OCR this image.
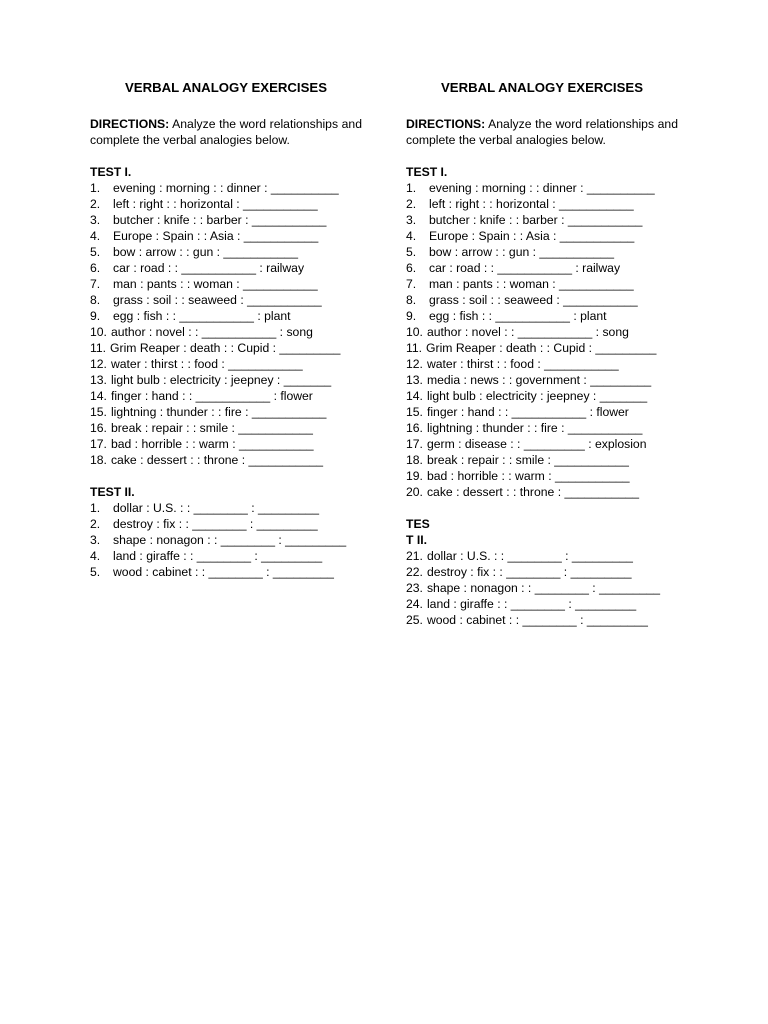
VERBAL ANALOGY EXERCISES

DIRECTIONS: Analyze the word relationships and complete the verbal analogies below.

TEST I.
1.	evening : morning : : dinner : __________
2.	left : right : : horizontal : ___________
3.	butcher : knife : : barber : ___________
4.	Europe : Spain : : Asia : ___________
5.	bow : arrow : : gun : ___________
6.	car : road : : ___________ : railway
7.	man : pants : : woman : ___________
8.	grass : soil : : seaweed : ___________
9.	egg : fish : : ___________ : plant
10. author : novel : : ___________ : song
11. Grim Reaper : death : : Cupid : _________
12. water : thirst : : food : ___________
13. light bulb : electricity : jeepney : _______
14. finger : hand : : ___________ : flower
15. lightning : thunder : : fire : ___________
16. break : repair : : smile : ___________
17. bad : horrible : : warm : ___________
18. cake : dessert : : throne : ___________
TEST II.
1.	dollar : U.S. : : ________ : _________
2.	destroy : fix : : ________ : _________
3.	shape : nonagon : : ________ : _________
4.	land : giraffe : : ________ : _________
5.	wood : cabinet : : ________ : _________
VERBAL ANALOGY EXERCISES

DIRECTIONS: Analyze the word relationships and complete the verbal analogies below.

TEST I.
1.	evening : morning : : dinner : __________
2.	left : right : : horizontal : ___________
3.	butcher : knife : : barber : ___________
4.	Europe : Spain : : Asia : ___________
5.	bow : arrow : : gun : ___________
6.	car : road : : ___________ : railway
7.	man : pants : : woman : ___________
8.	grass : soil : : seaweed : ___________
9.	egg : fish : : ___________ : plant
10. author : novel : : ___________ : song
11. Grim Reaper : death : : Cupid : _________
12. water : thirst : : food : ___________
13. media : news : : government : _________
14. light bulb : electricity : jeepney : _______
15. finger : hand : : ___________ : flower
16. lightning : thunder : : fire : ___________
17. germ : disease : : _________ : explosion
18. break : repair : : smile : ___________
19. bad : horrible : : warm : ___________
20. cake : dessert : : throne : ___________
TES
T II.
21. dollar : U.S. : : ________ : _________
22. destroy : fix : : ________ : _________
23. shape : nonagon : : ________ : _________
24. land : giraffe : : ________ : _________
25. wood : cabinet : : ________ : _________
